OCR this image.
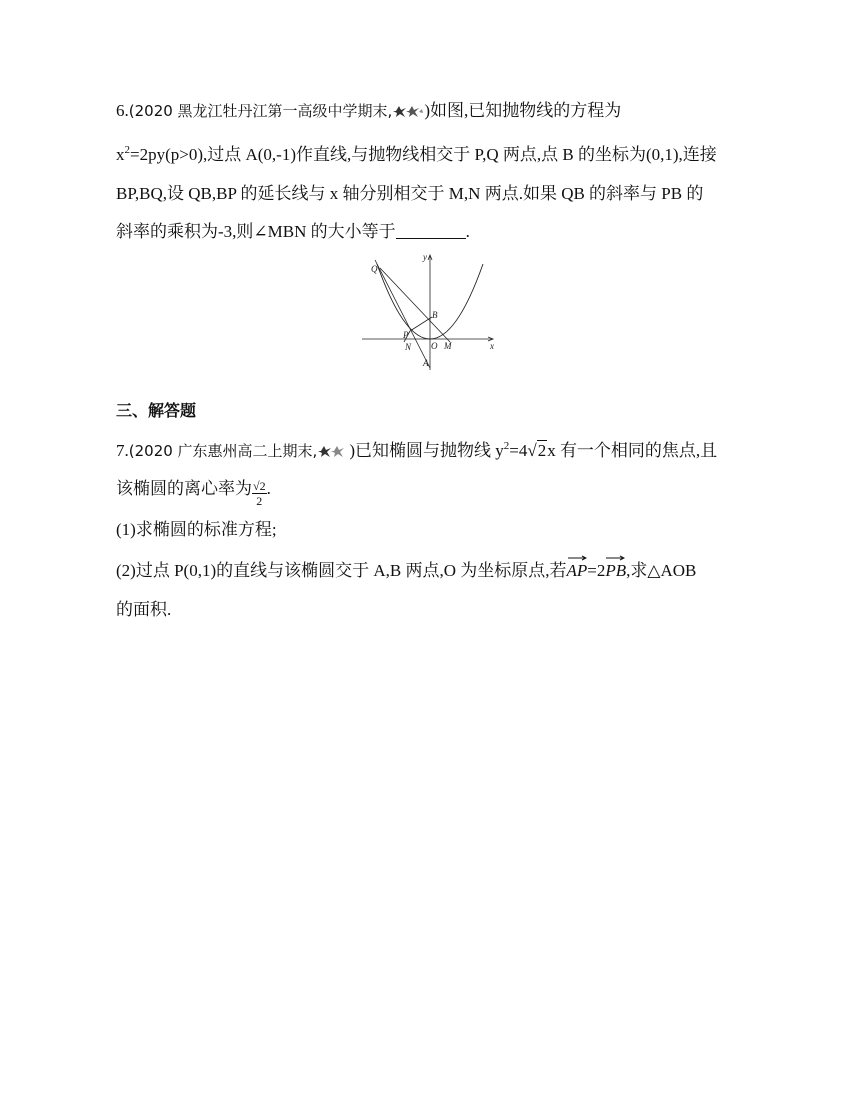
6.(2020 黑龙江牡丹江第一高级中学期末, )如图,已知抛物线的方程为
$x^2=2py(p>0)$,过点 A(0,-1)作直线,与抛物线相交于 P,Q 两点,点 B 的坐标为(0,1),连接
BP,BQ,设 QB,BP 的延长线与 x 轴分别相交于 M,N 两点.如果 QB 的斜率与 PB 的
斜率的乘积为-3,则∠MBN 的大小等于	.
Q
y
B
P
N O M	x
A
三、解答题
7.(2020 广东惠州高二上期末, )已知椭圆与抛物线 $y^2=4√2x$ 有一个相同的焦点,且
该椭圆的离心率为 $\frac{√2}{2}$ .
(1)求椭圆的标准方程;
(2)过点 P(0,1)的直线与该椭圆交于 A,B 两点,O 为坐标原点,若
AP=2
PB,求△AOB
的面积.
